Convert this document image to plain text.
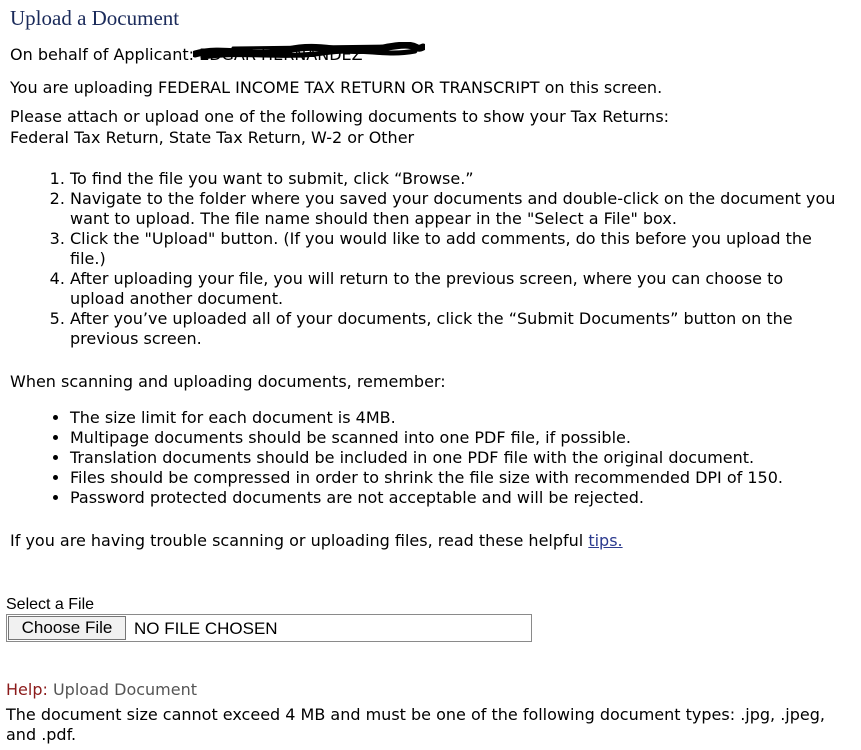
Upload a Document
On behalf of Applicant: EDGAR HERNANDEZ
You are uploading FEDERAL INCOME TAX RETURN OR TRANSCRIPT on this screen.
Please attach or upload one of the following documents to show your Tax Returns:
Federal Tax Return, State Tax Return, W-2 or Other
1. To find the file you want to submit, click “Browse.”
2. Navigate to the folder where you saved your documents and double-click on the document you want to upload. The file name should then appear in the "Select a File" box.
3. Click the "Upload" button. (If you would like to add comments, do this before you upload the file.)
4. After uploading your file, you will return to the previous screen, where you can choose to upload another document.
5. After you’ve uploaded all of your documents, click the “Submit Documents” button on the previous screen.
When scanning and uploading documents, remember:
• The size limit for each document is 4MB.
• Multipage documents should be scanned into one PDF file, if possible.
• Translation documents should be included in one PDF file with the original document.
• Files should be compressed in order to shrink the file size with recommended DPI of 150.
• Password protected documents are not acceptable and will be rejected.
If you are having trouble scanning or uploading files, read these helpful tips.
Select a File
Choose File	NO FILE CHOSEN
Help: Upload Document
The document size cannot exceed 4 MB and must be one of the following document types: .jpg, .jpeg, and .pdf.
